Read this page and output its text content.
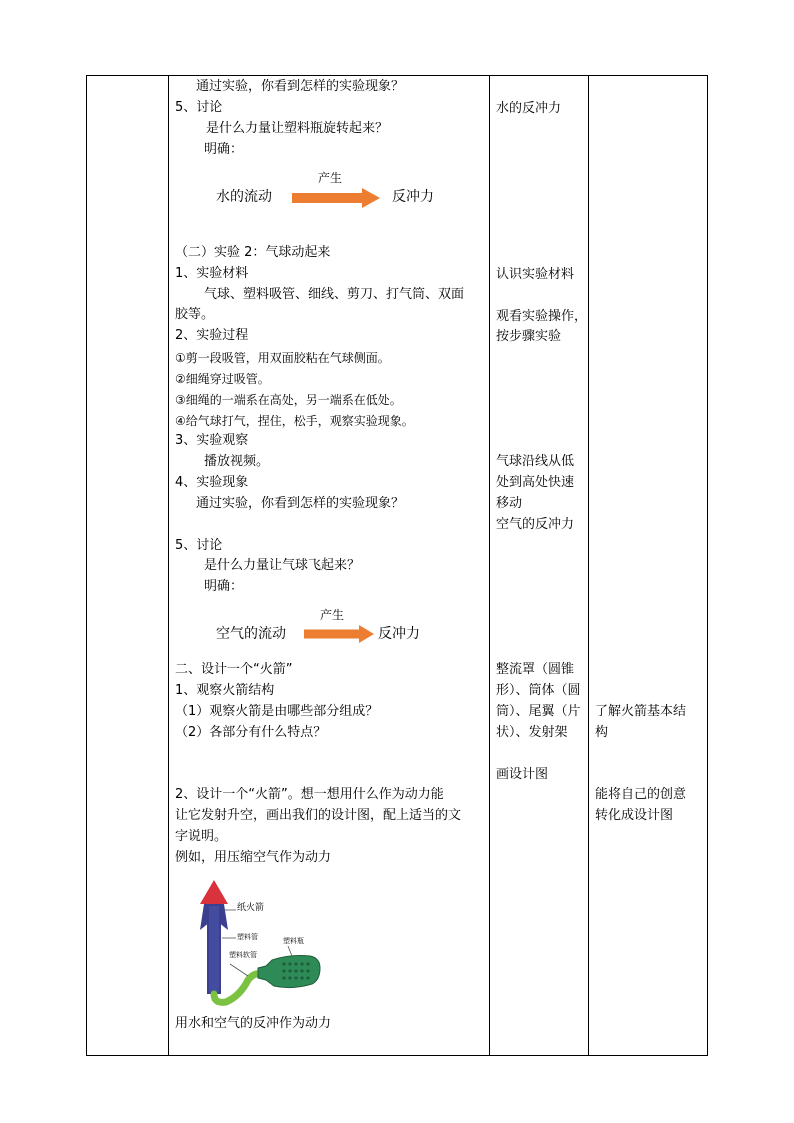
通过实验，你看到怎样的实验现象？
5、讨论
是什么力量让塑料瓶旋转起来？
明确：
水的流动
产生
反冲力
（二）实验 2：气球动起来
1、实验材料
气球、塑料吸管、细线、剪刀、打气筒、双面
胶等。
2、实验过程
①剪一段吸管，用双面胶粘在气球侧面。
②细绳穿过吸管。
③细绳的一端系在高处，另一端系在低处。
④给气球打气，捏住，松手，观察实验现象。
3、实验观察
播放视频。
4、实验现象
通过实验，你看到怎样的实验现象？
5、讨论
是什么力量让气球飞起来？
明确：
空气的流动
产生
反冲力
二、设计一个“火箭”
1、观察火箭结构
（1）观察火箭是由哪些部分组成？
（2）各部分有什么特点？
2、设计一个“火箭”。想一想用什么作为动力能
让它发射升空，画出我们的设计图，配上适当的文
字说明。
例如，用压缩空气作为动力
纸火箭
塑料管
塑料软管
塑料瓶
用水和空气的反冲作为动力
水的反冲力
认识实验材料
观看实验操作，
按步骤实验
气球沿线从低
处到高处快速
移动
空气的反冲力
整流罩（圆锥
形）、筒体（圆
筒）、尾翼（片
状）、发射架
画设计图
了解火箭基本结
构
能将自己的创意
转化成设计图
